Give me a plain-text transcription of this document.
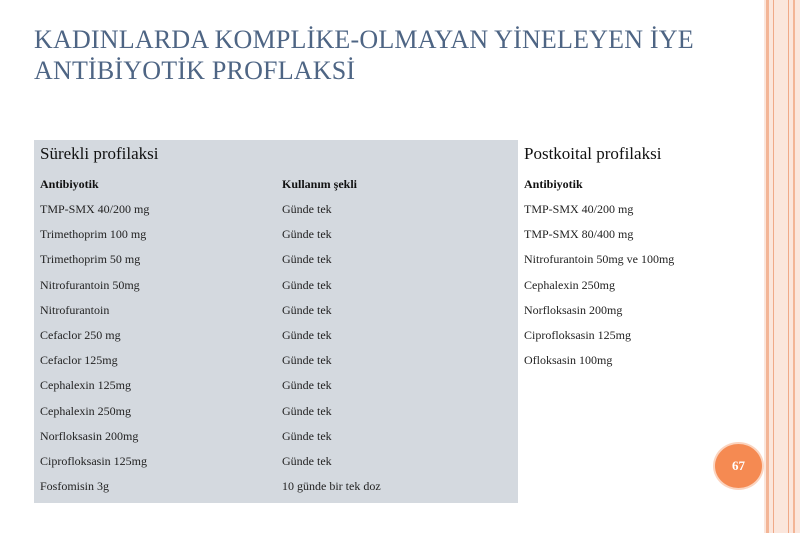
KADINLARDA KOMPLİKE-OLMAYAN YİNELEYEN İYE
ANTİBİYOTİK PROFLAKSİ
Sürekli profilaksi
Antibiyotik	Kullanım şekli
TMP-SMX 40/200 mg	Günde tek
Trimethoprim 100 mg	Günde tek
Trimethoprim 50 mg	Günde tek
Nitrofurantoin 50mg	Günde tek
Nitrofurantoin	Günde tek
Cefaclor 250 mg	Günde tek
Cefaclor 125mg	Günde tek
Cephalexin 125mg	Günde tek
Cephalexin 250mg	Günde tek
Norfloksasin 200mg	Günde tek
Ciprofloksasin 125mg	Günde tek
Fosfomisin 3g	10 günde bir tek doz
Postkoital profilaksi
Antibiyotik
TMP-SMX 40/200 mg
TMP-SMX 80/400 mg
Nitrofurantoin 50mg ve 100mg
Cephalexin 250mg
Norfloksasin 200mg
Ciprofloksasin 125mg
Ofloksasin 100mg
67
